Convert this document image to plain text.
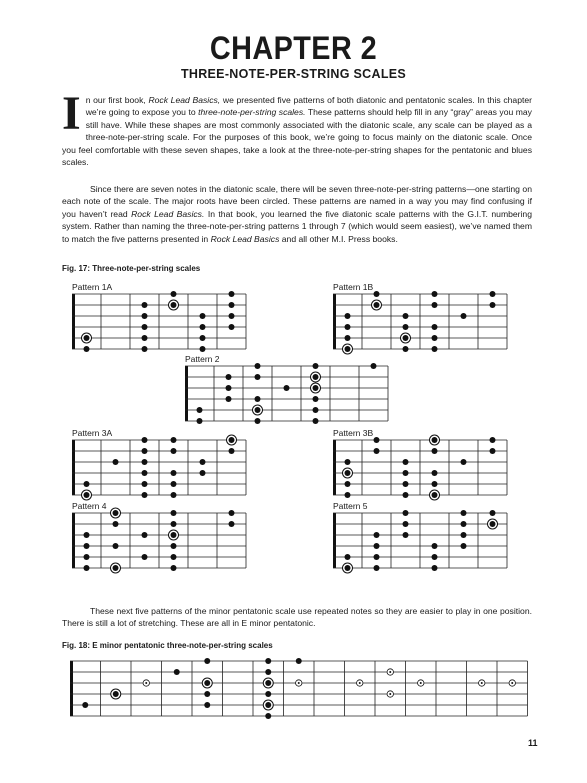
CHAPTER 2
THREE-NOTE-PER-STRING SCALES
In our first book, Rock Lead Basics, we presented five patterns of both diatonic and pentatonic scales. In this chapter we’re going to expose you to three-note-per-string scales. These patterns should help fill in any “gray” areas you may still have. While these shapes are most commonly associated with the diatonic scale, any scale can be played as a three-note-per-string scale. For the purposes of this book, we’re going to focus mainly on the diatonic scale. Once you feel comfortable with these seven shapes, take a look at the three-note-per-string shapes for the pentatonic and blues scales.
Since there are seven notes in the diatonic scale, there will be seven three-note-per-string patterns—one starting on each note of the scale. The major roots have been circled. These patterns are named in a way you may find confusing if you haven’t read Rock Lead Basics. In that book, you learned the five diatonic scale patterns with the G.I.T. numbering system. Rather than naming the three-note-per-string patterns 1 through 7 (which would seem easiest), we’ve named them to match the five patterns presented in Rock Lead Basics and all other M.I. Press books.
Fig. 17: Three-note-per-string scales
Pattern 1A	Pattern 1B
Pattern 2
Pattern 3A	Pattern 3B
Pattern 4	Pattern 5
These next five patterns of the minor pentatonic scale use repeated notes so they are easier to play in one position. There is still a lot of stretching. These are all in E minor pentatonic.
Fig. 18: E minor pentatonic three-note-per-string scales
11
